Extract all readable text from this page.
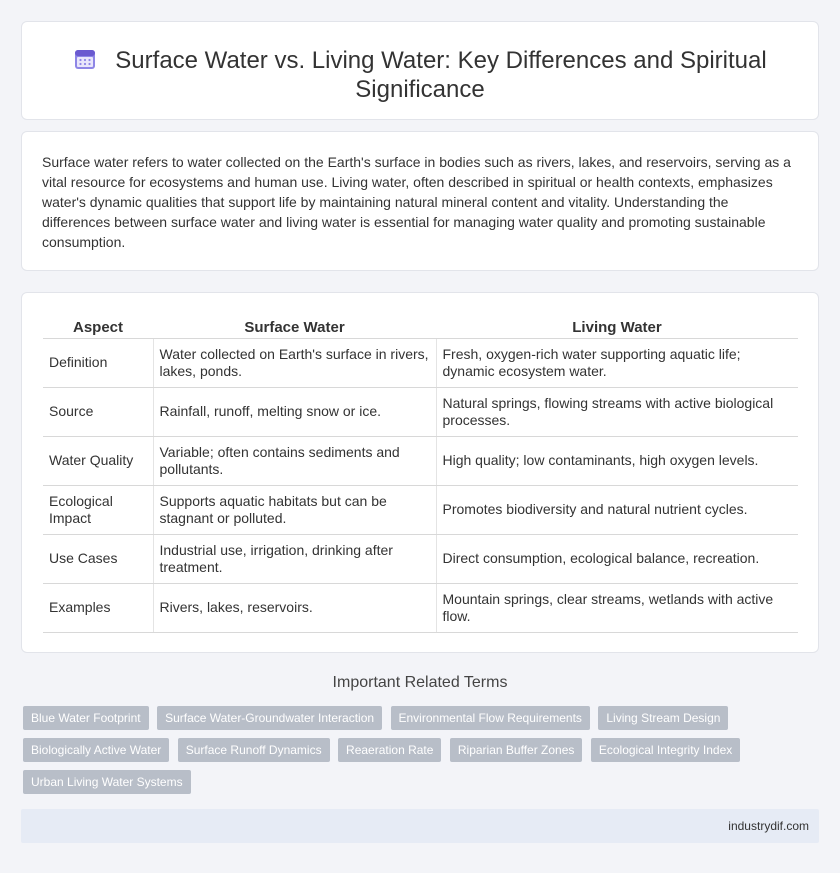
Surface Water vs. Living Water: Key Differences and Spiritual Significance

Surface water refers to water collected on the Earth's surface in bodies such as rivers, lakes, and reservoirs, serving as a vital resource for ecosystems and human use. Living water, often described in spiritual or health contexts, emphasizes water's dynamic qualities that support life by maintaining natural mineral content and vitality. Understanding the differences between surface water and living water is essential for managing water quality and promoting sustainable consumption.

Aspect	Surface Water	Living Water
Definition	Water collected on Earth's surface in rivers, lakes, ponds.	Fresh, oxygen-rich water supporting aquatic life; dynamic ecosystem water.
Source	Rainfall, runoff, melting snow or ice.	Natural springs, flowing streams with active biological processes.
Water Quality	Variable; often contains sediments and pollutants.	High quality; low contaminants, high oxygen levels.
Ecological Impact	Supports aquatic habitats but can be stagnant or polluted.	Promotes biodiversity and natural nutrient cycles.
Use Cases	Industrial use, irrigation, drinking after treatment.	Direct consumption, ecological balance, recreation.
Examples	Rivers, lakes, reservoirs.	Mountain springs, clear streams, wetlands with active flow.
Important Related Terms
Blue Water Footprint Surface Water-Groundwater Interaction Environmental Flow Requirements Living Stream Design Biologically Active Water Surface Runoff Dynamics Reaeration Rate Riparian Buffer Zones Ecological Integrity Index Urban Living Water Systems
industrydif.com
